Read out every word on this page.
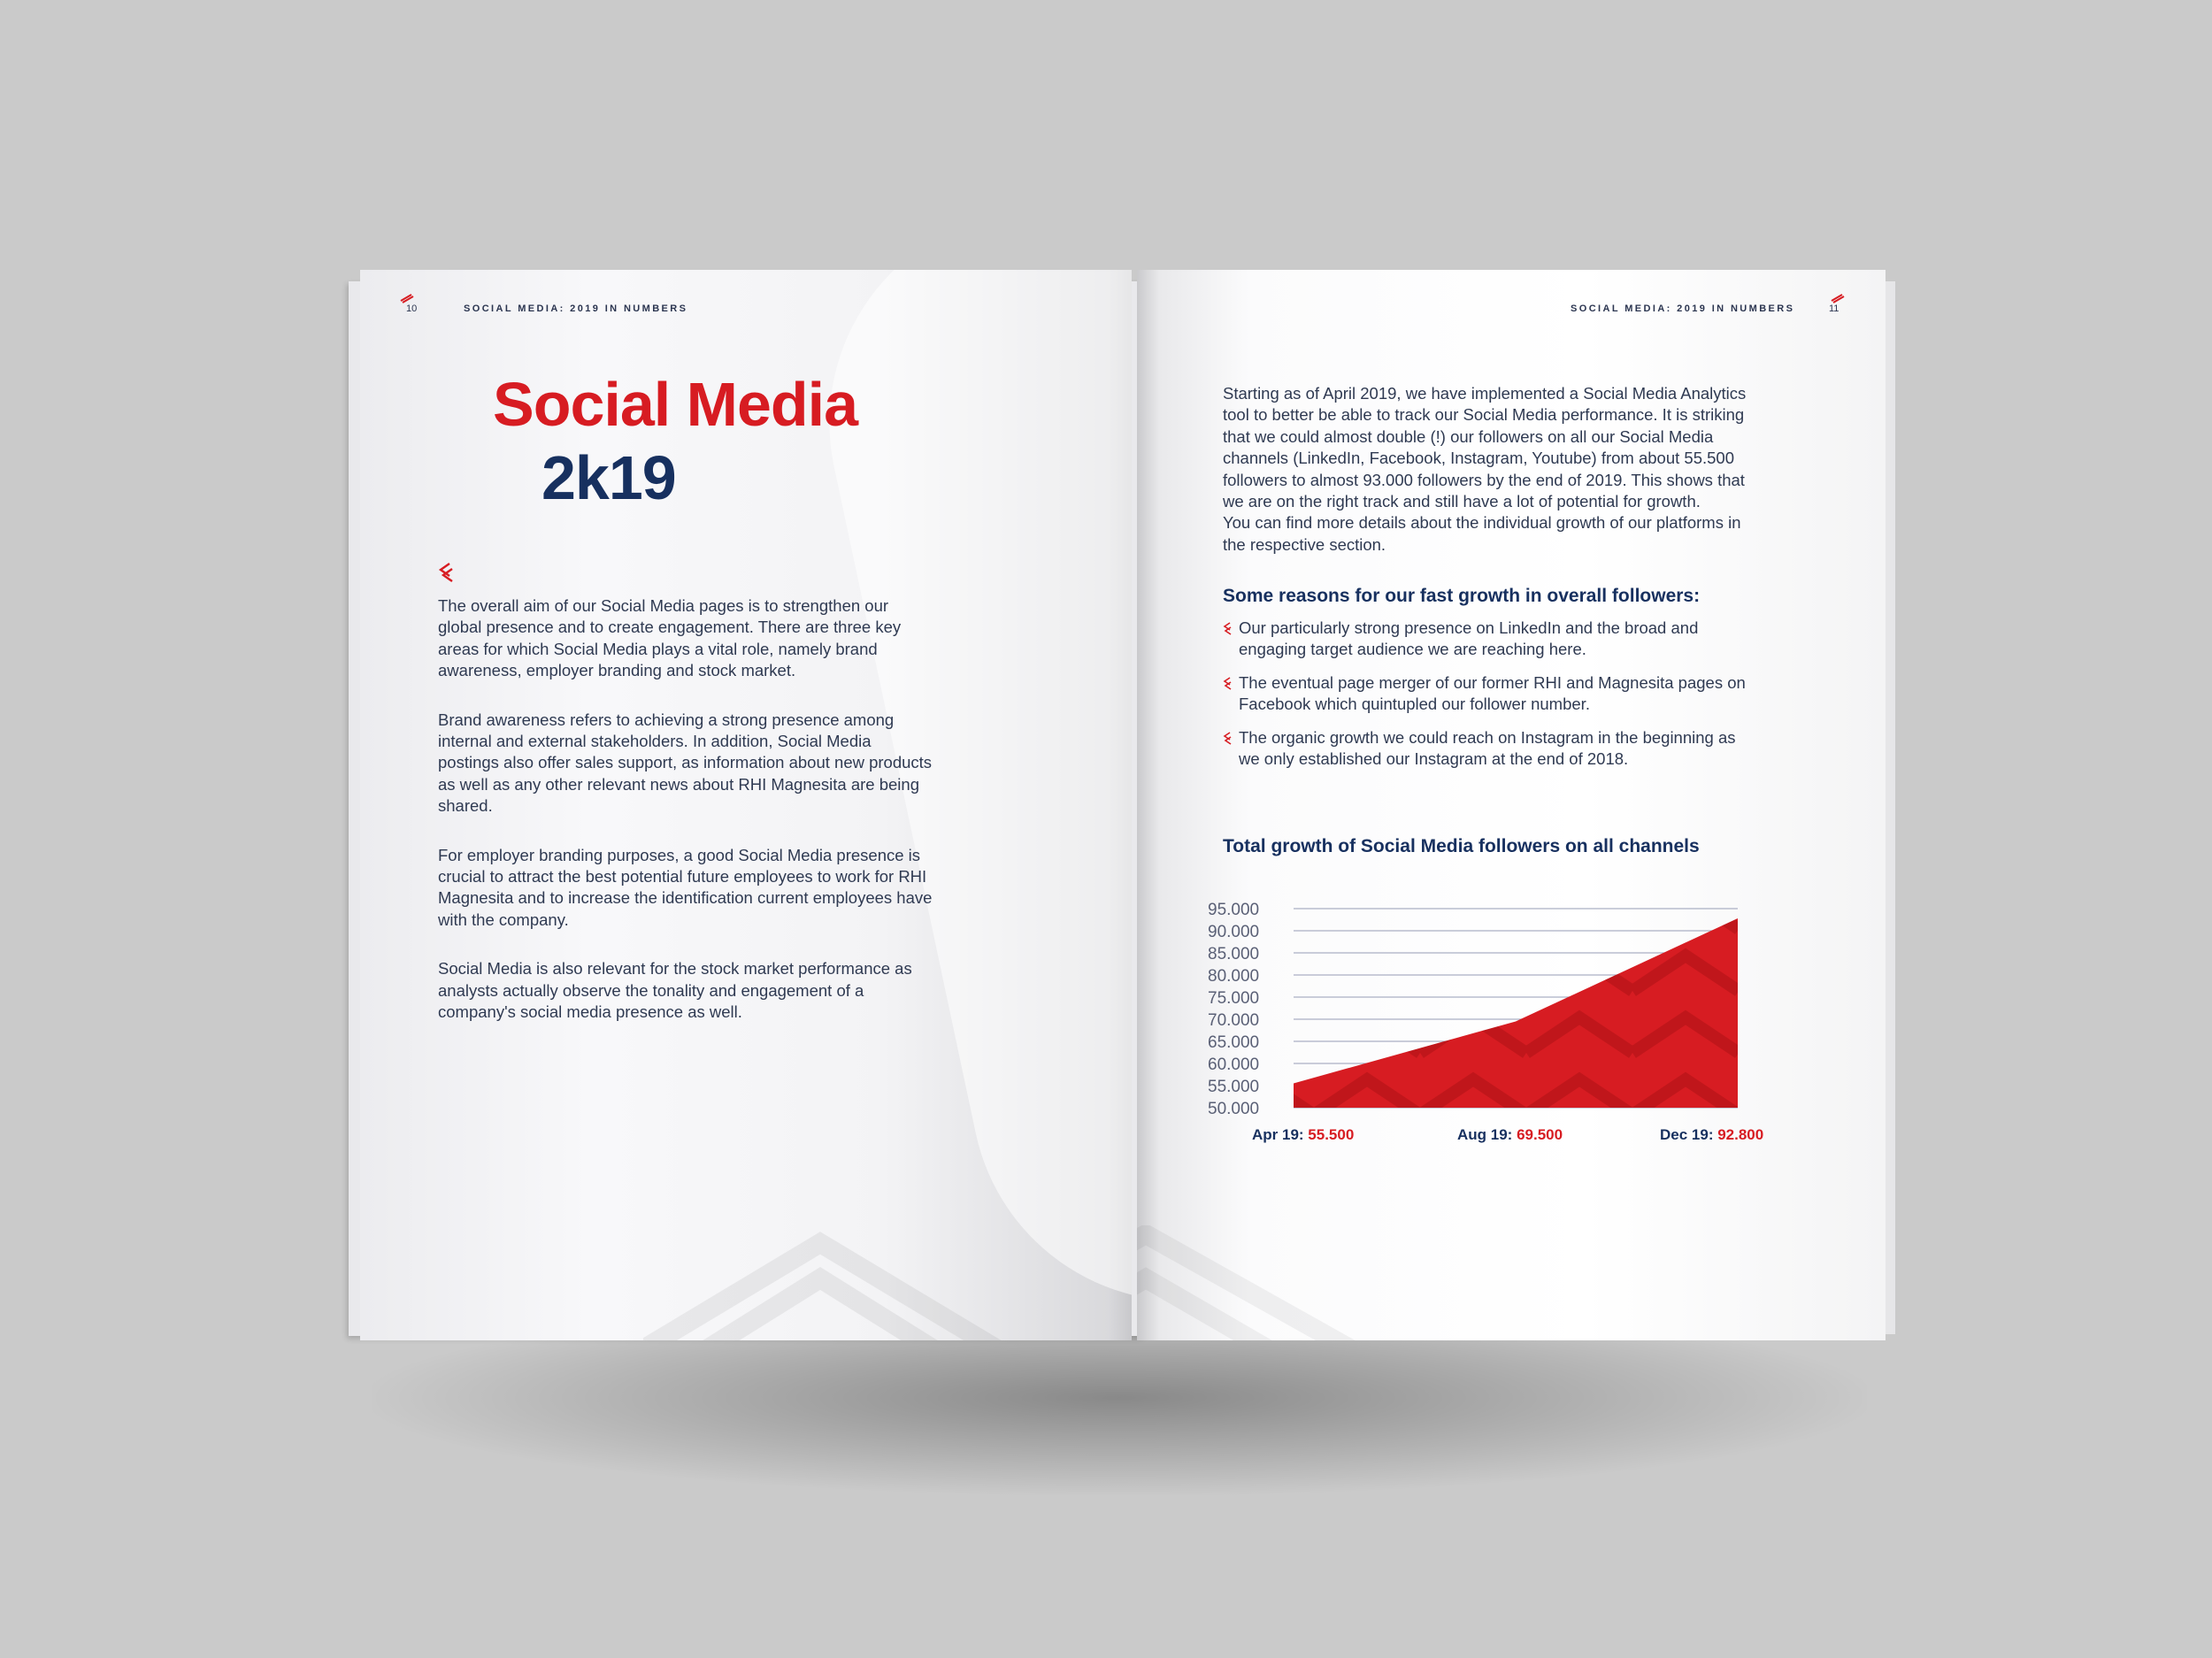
10	SOCIAL MEDIA: 2019 IN NUMBERS
Social Media
2k19

The overall aim of our Social Media pages is to strengthen our global presence and to create engagement. There are three key areas for which Social Media plays a vital role, namely brand awareness, employer branding and stock market.

Brand awareness refers to achieving a strong presence among internal and external stakeholders. In addition, Social Media postings also offer sales support, as information about new products as well as any other relevant news about RHI Magnesita are being shared.

For employer branding purposes, a good Social Media presence is crucial to attract the best potential future employees to work for RHI Magnesita and to increase the identification current employees have with the company.

Social Media is also relevant for the stock market performance as analysts actually observe the tonality and engagement of a company's social media presence as well.

SOCIAL MEDIA: 2019 IN NUMBERS	11
Starting as of April 2019, we have implemented a Social Media Analytics
tool to better be able to track our Social Media performance. It is striking
that we could almost double (!) our followers on all our Social Media
channels (LinkedIn, Facebook, Instagram, Youtube) from about 55.500
followers to almost 93.000 followers by the end of 2019. This shows that
we are on the right track and still have a lot of potential for growth.
You can find more details about the individual growth of our platforms in
the respective section.
Some reasons for our fast growth in overall followers:
Our particularly strong presence on LinkedIn and the broad and
engaging target audience we are reaching here.
The eventual page merger of our former RHI and Magnesita pages on
Facebook which quintupled our follower number.
The organic growth we could reach on Instagram in the beginning as
we only established our Instagram at the end of 2018.
Total growth of Social Media followers on all channels
50.000
55.000
60.000
65.000
70.000
75.000
80.000
85.000
90.000
95.000
Apr 19: 55.500	Aug 19: 69.500	Dec 19: 92.800
